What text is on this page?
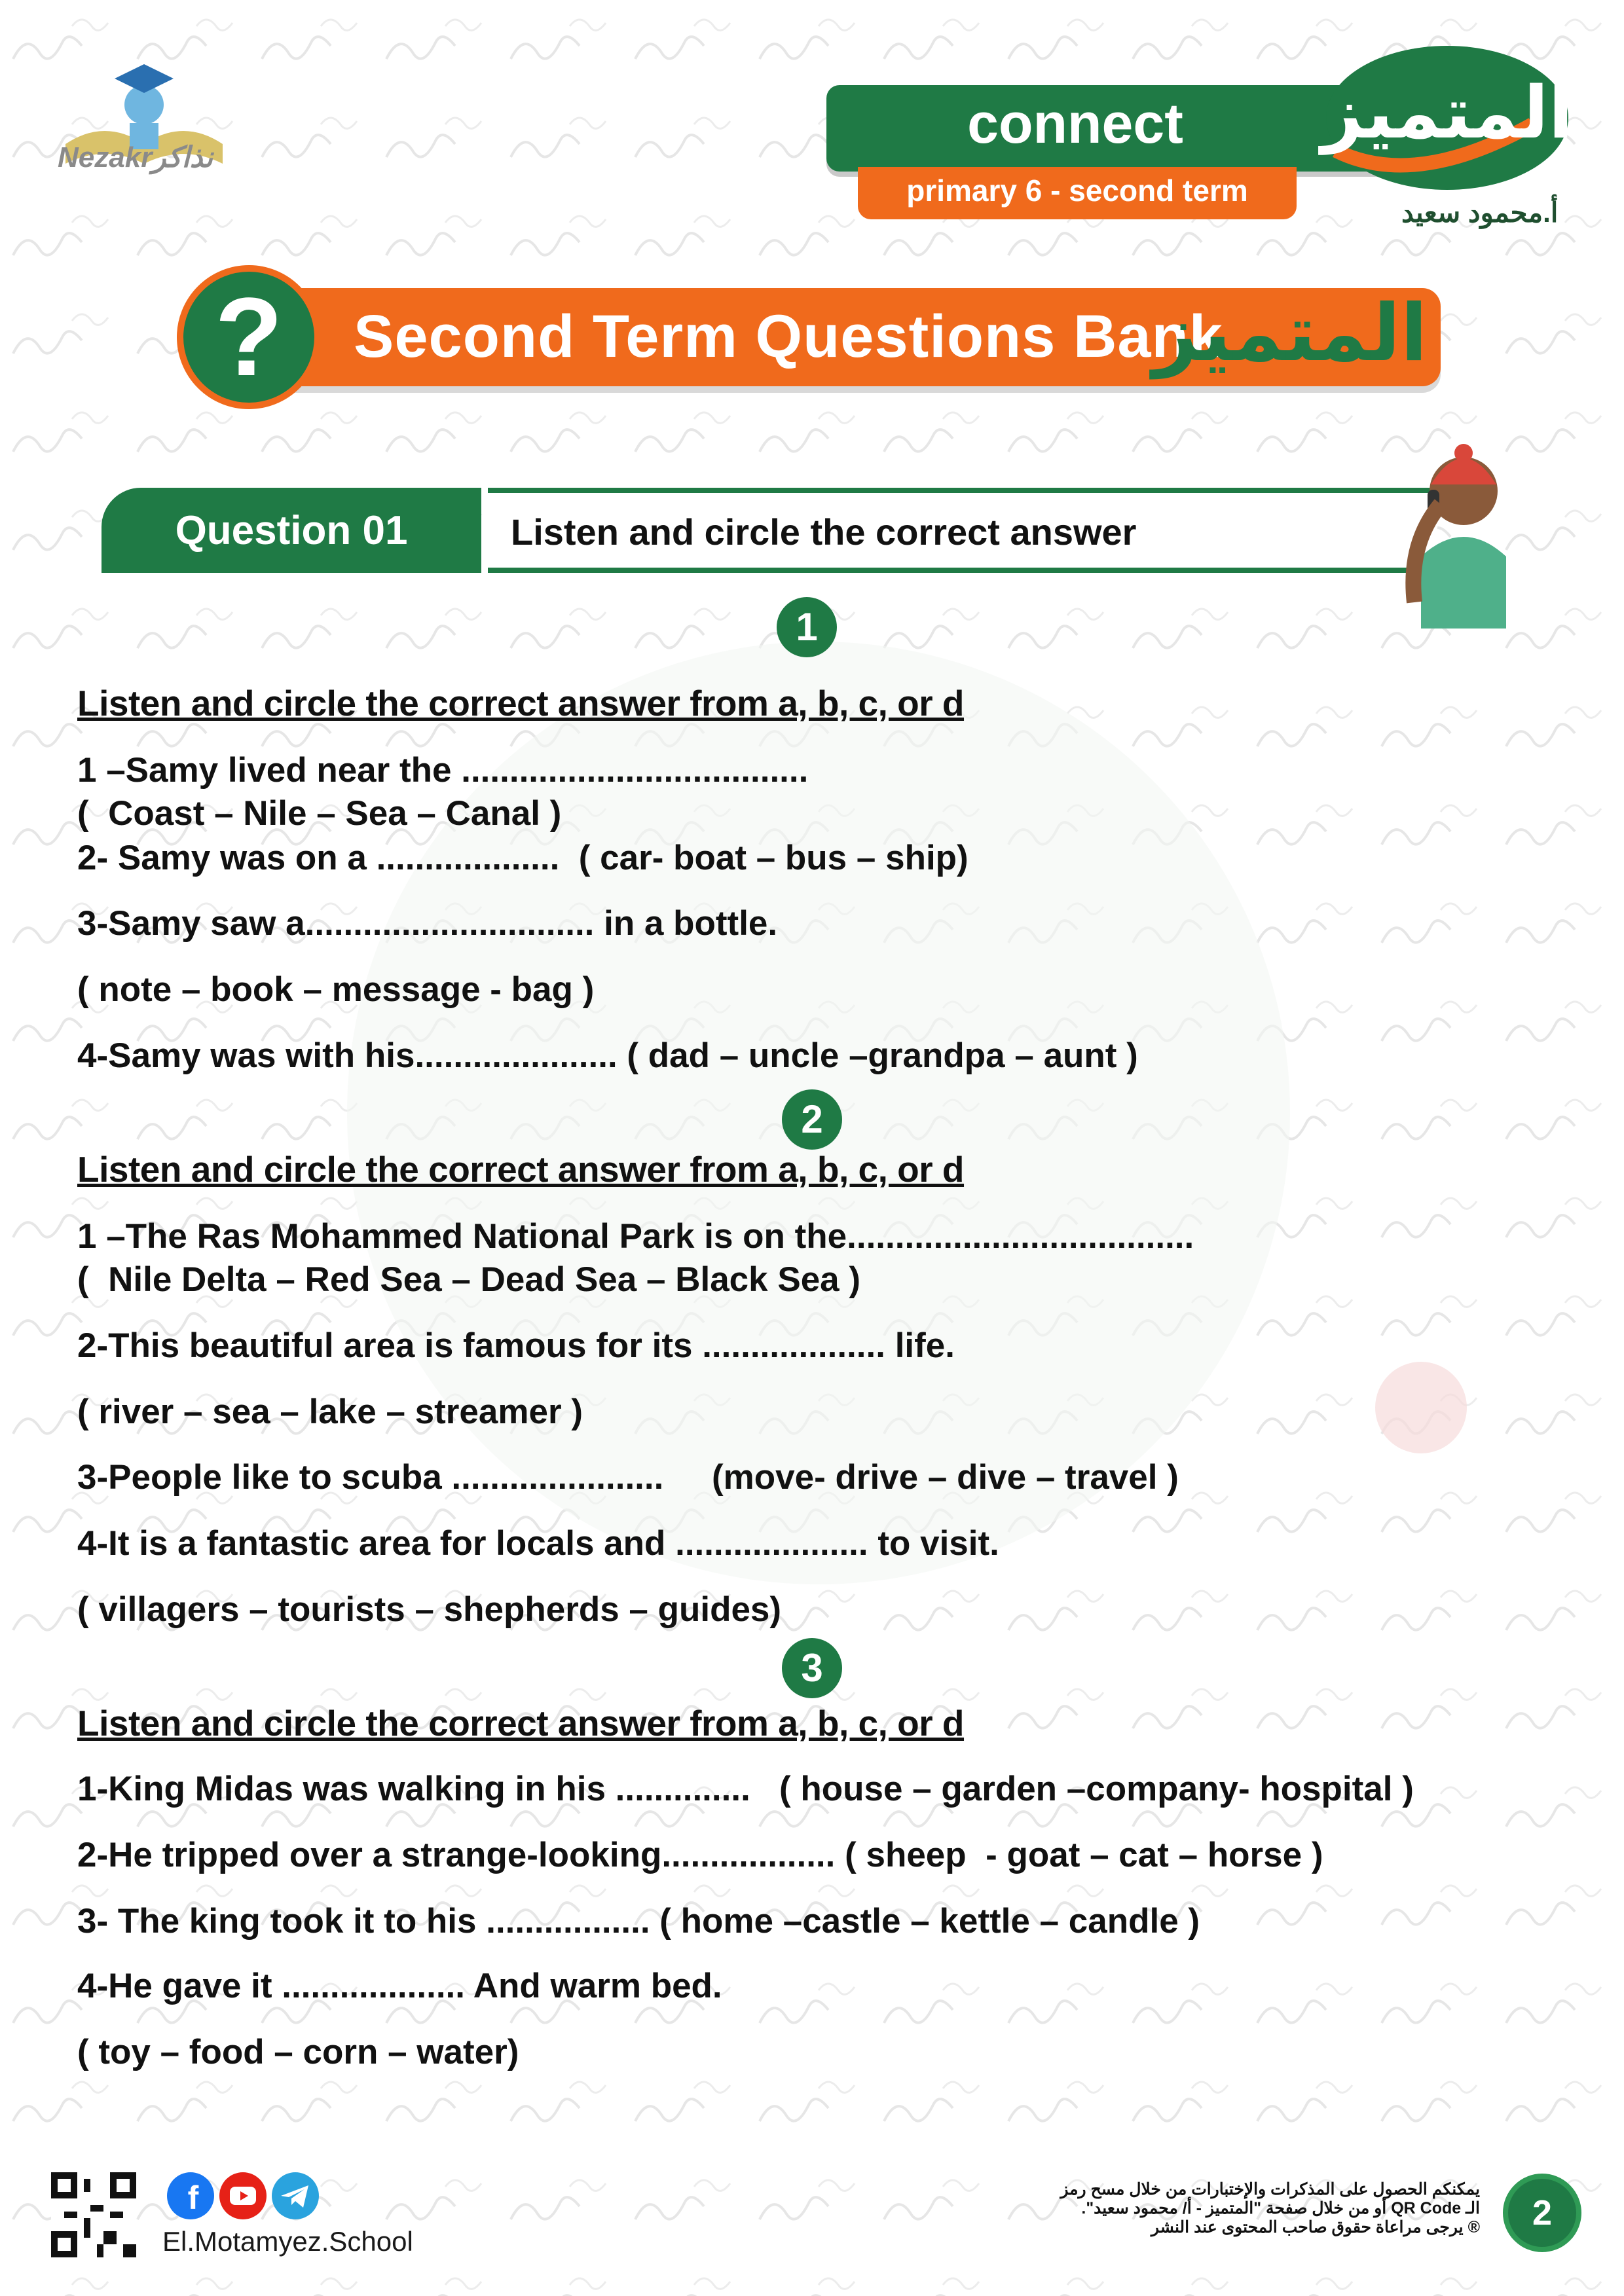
Nezakrنذاكر
connect
primary 6 - second term
المتميز
أ.محمود سعيد
Second Term Questions Bank
?	المتميز
Question 01	Listen and circle the correct answer
1
Listen and circle the correct answer from a, b, c, or d
1 –Samy lived near the ....................................
(  Coast – Nile – Sea – Canal )
2- Samy was on a ...................  ( car- boat – bus – ship)
3-Samy saw a.............................. in a bottle.
( note – book – message - bag )
4-Samy was with his..................... ( dad – uncle –grandpa – aunt )
2
Listen and circle the correct answer from a, b, c, or d
1 –The Ras Mohammed National Park is on the....................................
(  Nile Delta – Red Sea – Dead Sea – Black Sea )
2-This beautiful area is famous for its ................... life.
( river – sea – lake – streamer )
3-People like to scuba ......................     (move- drive – dive – travel )
4-It is a fantastic area for locals and .................... to visit.
( villagers – tourists – shepherds – guides)
3
Listen and circle the correct answer from a, b, c, or d
1-King Midas was walking in his ..............   ( house – garden –company- hospital )
2-He tripped over a strange-looking.................. ( sheep  - goat – cat – horse )
3- The king took it to his ................. ( home –castle – kettle – candle )
4-He gave it ................... And warm bed.
( toy – food – corn – water)
f
El.Motamyez.School
يمكنكم الحصول على المذكرات والإختبارات من خلال مسح رمز
الـ QR Code أو من خلال صفحة "المتميز - أ/ محمود سعيد".
® يرجى مراعاة حقوق صاحب المحتوى عند النشر	2
